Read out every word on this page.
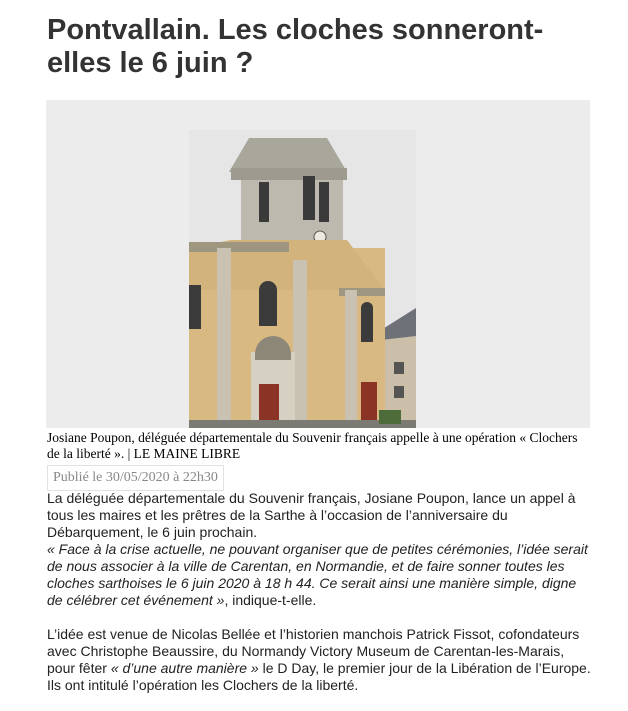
Pontvallain. Les cloches sonneront-elles le 6 juin ?
Josiane Poupon, déléguée départementale du Souvenir français appelle à une opération « Clochers de la liberté ». | LE MAINE LIBRE
Publié le 30/05/2020 à 22h30

La déléguée départementale du Souvenir français, Josiane Poupon, lance un appel à tous les maires et les prêtres de la Sarthe à l’occasion de l’anniversaire du Débarquement, le 6 juin prochain.

« Face à la crise actuelle, ne pouvant organiser que de petites cérémonies, l’idée serait de nous associer à la ville de Carentan, en Normandie, et de faire sonner toutes les cloches sarthoises le 6 juin 2020 à 18 h 44. Ce serait ainsi une manière simple, digne de célébrer cet événement », indique-t-elle.

L’idée est venue de Nicolas Bellée et l’historien manchois Patrick Fissot, cofondateurs avec Christophe Beaussire, du Normandy Victory Museum de Carentan-les-Marais, pour fêter « d’une autre manière » le D Day, le premier jour de la Libération de l’Europe. Ils ont intitulé l’opération les Clochers de la liberté.
